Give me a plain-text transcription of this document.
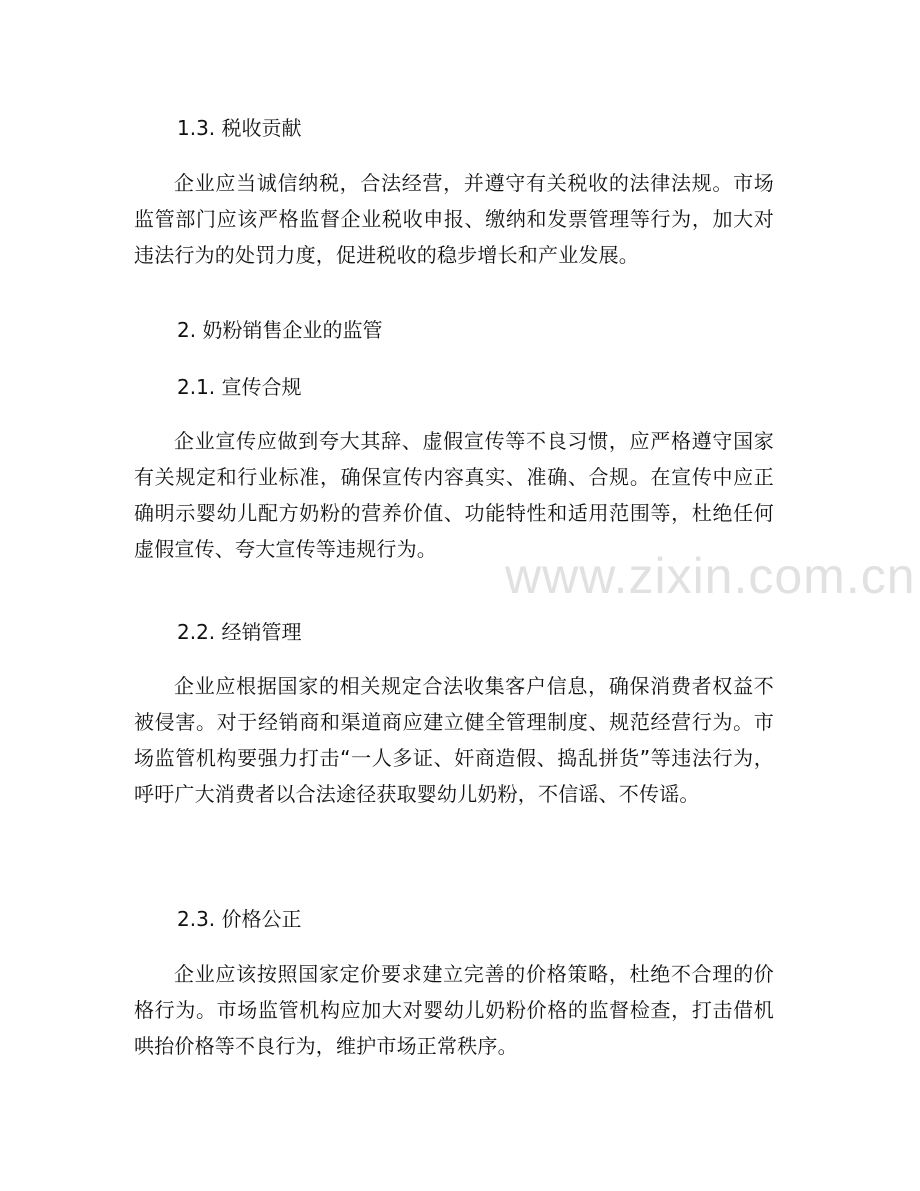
1.3. 税收贡献
企业应当诚信纳税，合法经营，并遵守有关税收的法律法规。市场监管部门应该严格监督企业税收申报、缴纳和发票管理等行为，加大对违法行为的处罚力度，促进税收的稳步增长和产业发展。
2. 奶粉销售企业的监管
2.1. 宣传合规
企业宣传应做到夸大其辞、虚假宣传等不良习惯，应严格遵守国家有关规定和行业标准，确保宣传内容真实、准确、合规。在宣传中应正确明示婴幼儿配方奶粉的营养价值、功能特性和适用范围等，杜绝任何虚假宣传、夸大宣传等违规行为。
2.2. 经销管理
企业应根据国家的相关规定合法收集客户信息，确保消费者权益不被侵害。对于经销商和渠道商应建立健全管理制度、规范经营行为。市场监管机构要强力打击“一人多证、奸商造假、捣乱拼货”等违法行为，呼吁广大消费者以合法途径获取婴幼儿奶粉，不信谣、不传谣。
2.3. 价格公正
企业应该按照国家定价要求建立完善的价格策略，杜绝不合理的价格行为。市场监管机构应加大对婴幼儿奶粉价格的监督检查，打击借机哄抬价格等不良行为，维护市场正常秩序。
www.zixin.com.cn
